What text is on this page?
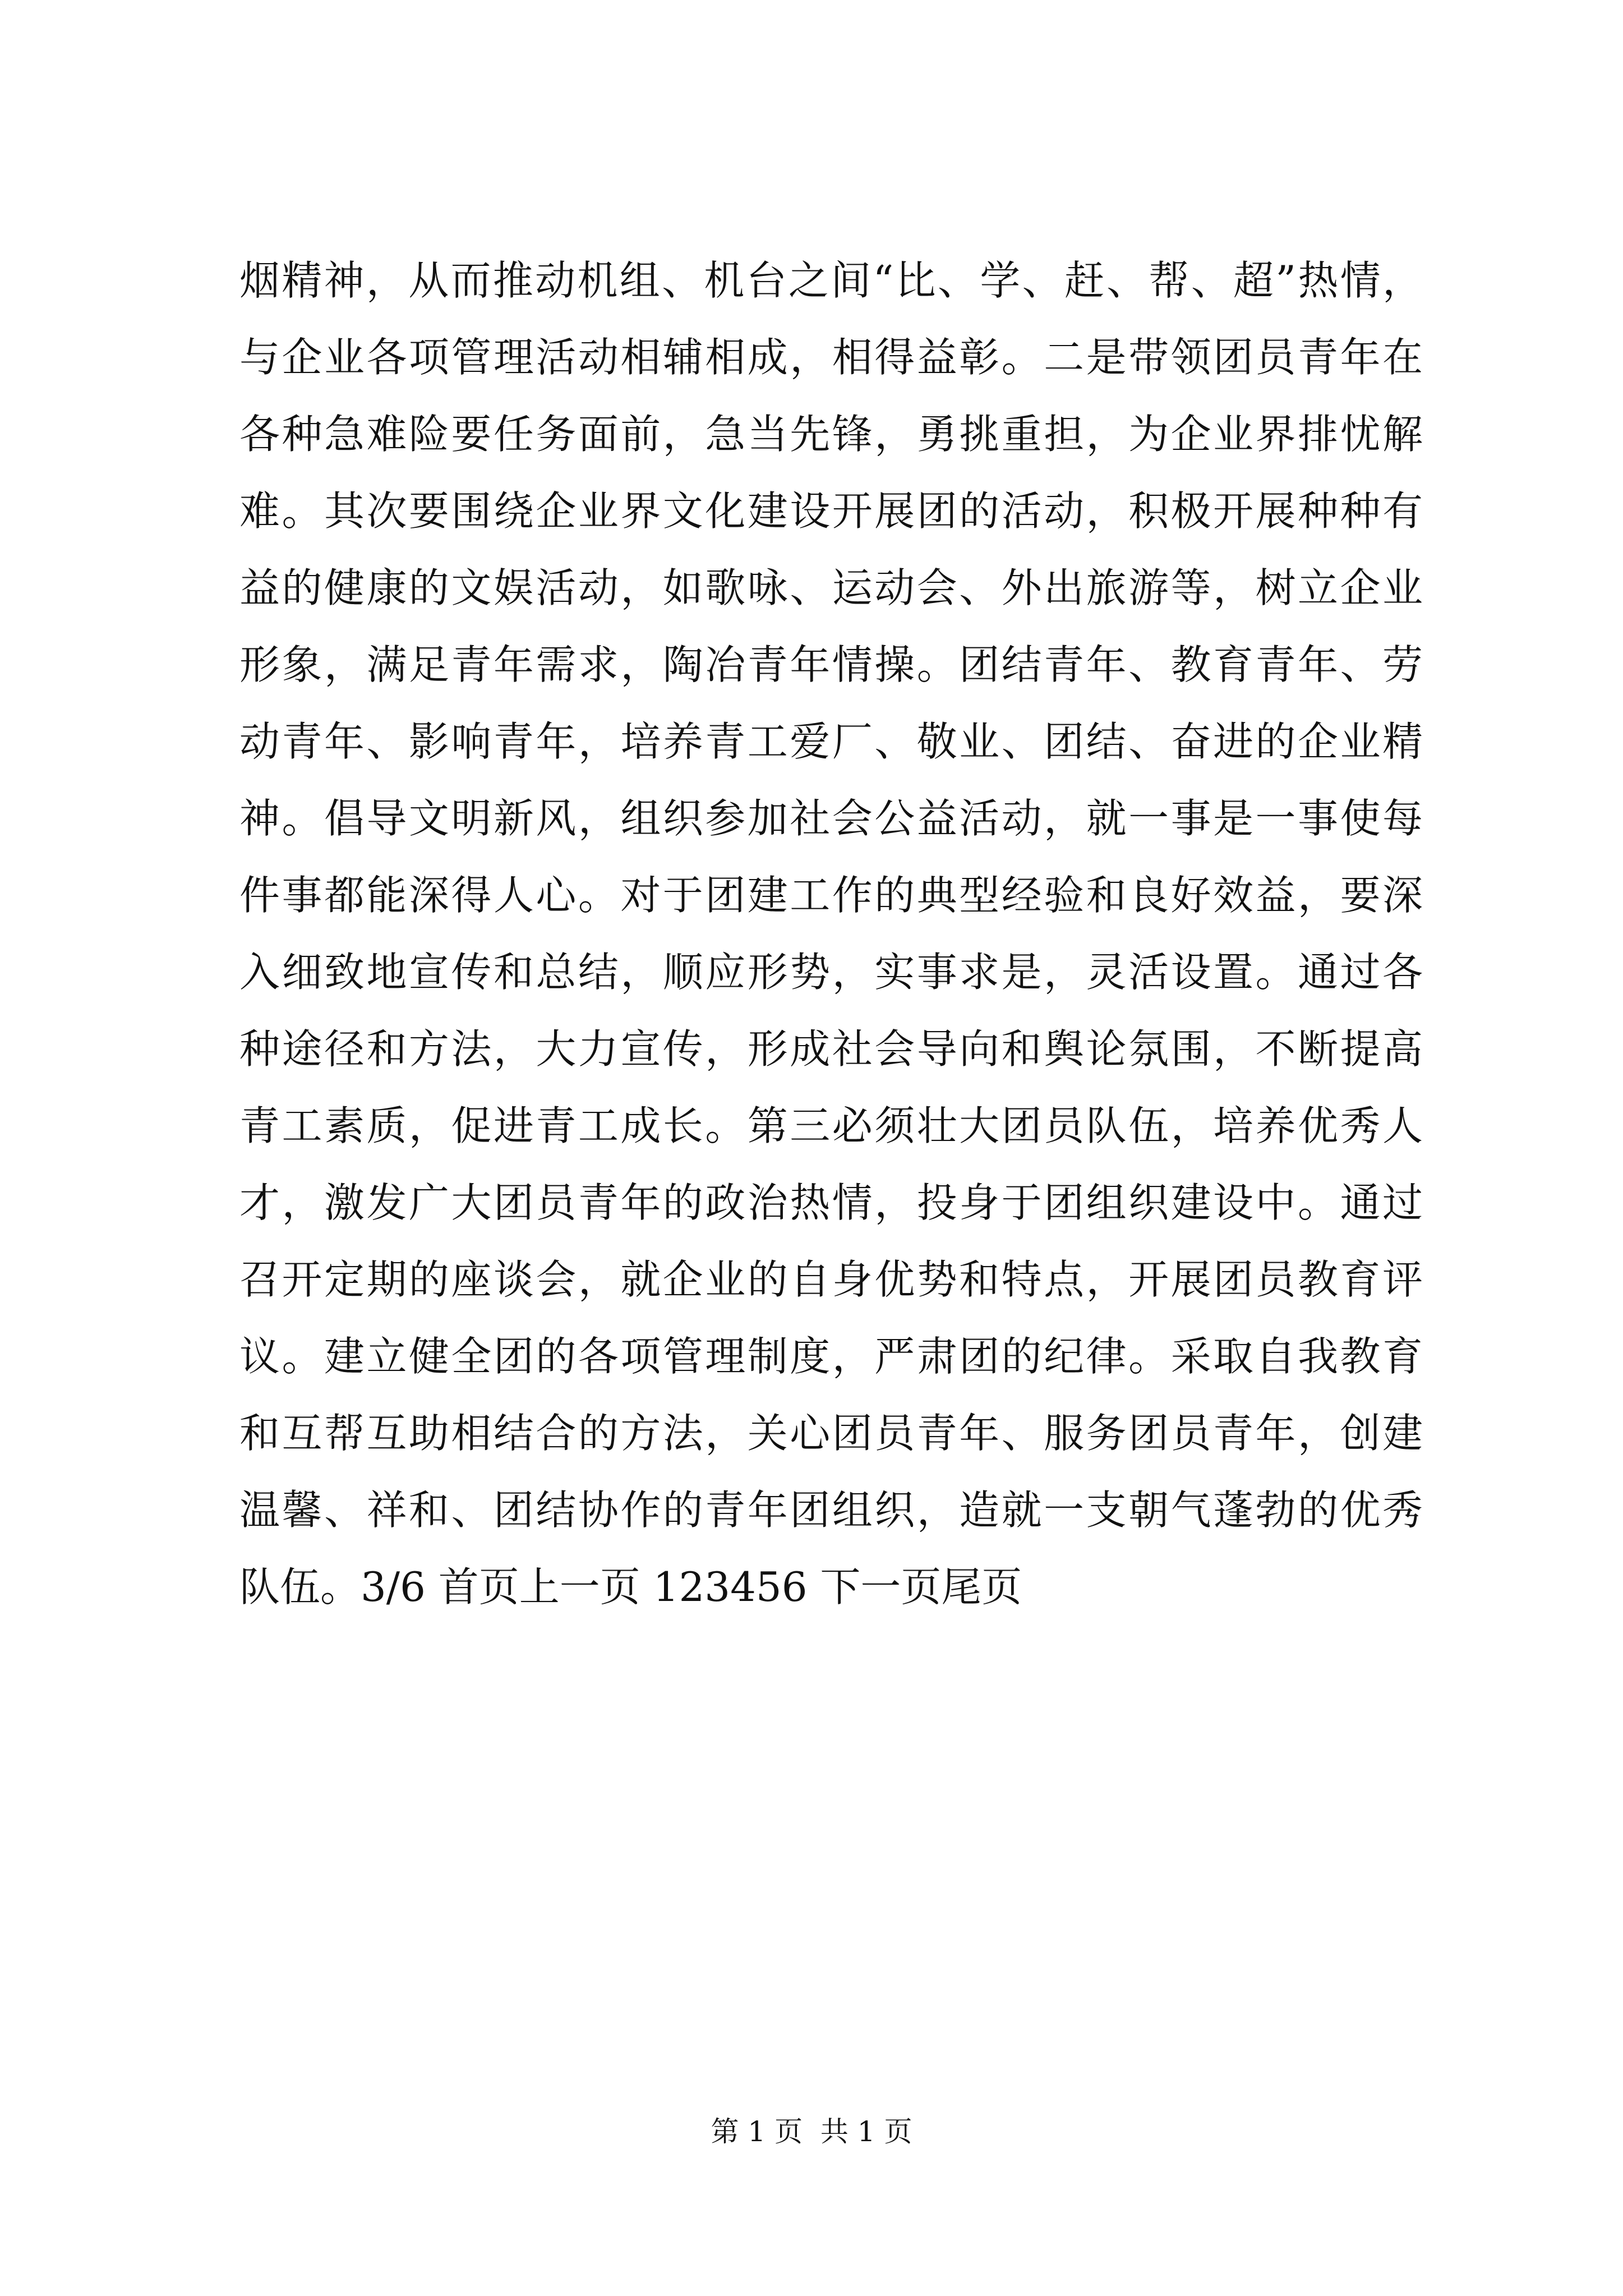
烟精神，从而推动机组、机台之间“比、学、赶、帮、超”热情，
与企业各项管理活动相辅相成，相得益彰。二是带领团员青年在
各种急难险要任务面前，急当先锋，勇挑重担，为企业界排忧解
难。其次要围绕企业界文化建设开展团的活动，积极开展种种有
益的健康的文娱活动，如歌咏、运动会、外出旅游等，树立企业
形象，满足青年需求，陶冶青年情操。团结青年、教育青年、劳
动青年、影响青年，培养青工爱厂、敬业、团结、奋进的企业精
神。倡导文明新风，组织参加社会公益活动，就一事是一事使每
件事都能深得人心。对于团建工作的典型经验和良好效益，要深
入细致地宣传和总结，顺应形势，实事求是，灵活设置。通过各
种途径和方法，大力宣传，形成社会导向和舆论氛围，不断提高
青工素质，促进青工成长。第三必须壮大团员队伍，培养优秀人
才，激发广大团员青年的政治热情，投身于团组织建设中。通过
召开定期的座谈会，就企业的自身优势和特点，开展团员教育评
议。建立健全团的各项管理制度，严肃团的纪律。采取自我教育
和互帮互助相结合的方法，关心团员青年、服务团员青年，创建
温馨、祥和、团结协作的青年团组织，造就一支朝气蓬勃的优秀
队伍。3/6 首页上一页 123456 下一页尾页
第 1 页  共 1 页
